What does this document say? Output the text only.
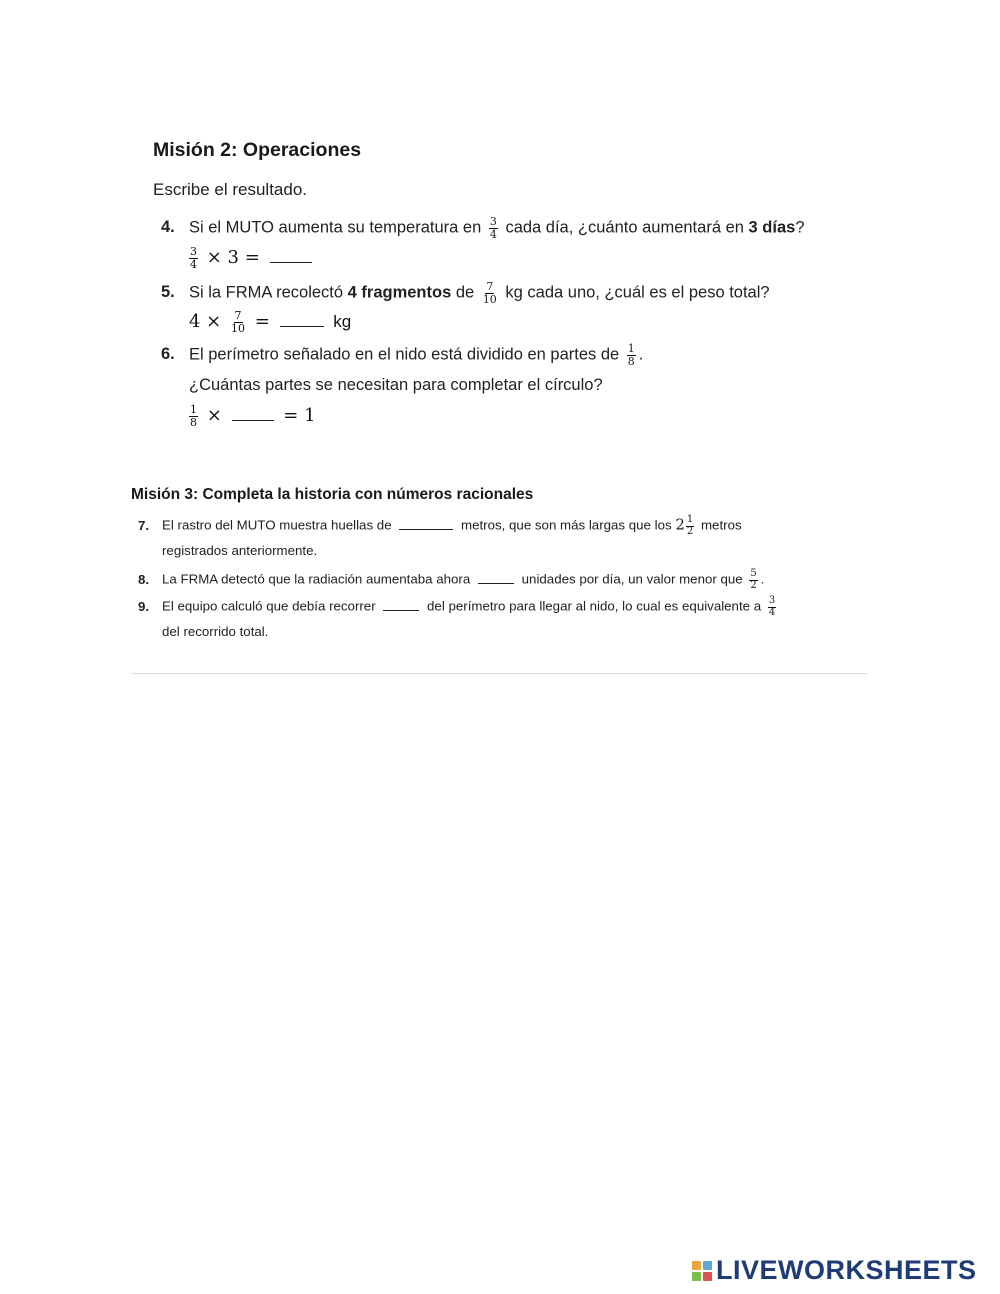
Misión 2: Operaciones
Escribe el resultado.
4. Si el MUTO aumenta su temperatura en $\frac{3}{4}$ cada día, ¿cuánto aumentará en 3 días?
$\frac{3}{4} \times 3$ =
5. Si la FRMA recolectó 4 fragmentos de $\frac{7}{10}$ kg cada uno, ¿cuál es el peso total?
$4 \times \frac{7}{10}$ =	kg
6. El perímetro señalado en el nido está dividido en partes de $\frac{1}{8}$ .
¿Cuántas partes se necesitan para completar el círculo?
$\frac{1}{8}$ ×	= 1
Misión 3: Completa la historia con números racionales
7. El rastro del MUTO muestra huellas de	metros, que son más largas que los $2 \frac{1}{2}$ metros
registrados anteriormente.
8. La FRMA detectó que la radiación aumentaba ahora	unidades por día, un valor menor que $\frac{5}{2}$ .
9. El equipo calculó que debía recorrer	del perímetro para llegar al nido, lo cual es equivalente a $\frac{3}{4}$
del recorrido total.
LIVEWORKSHEETS
